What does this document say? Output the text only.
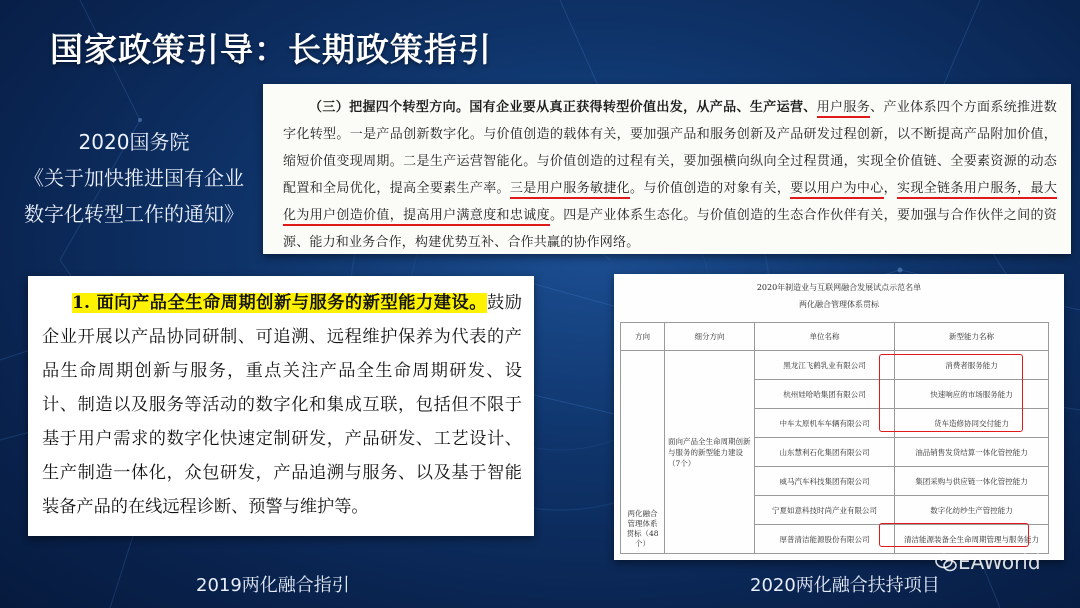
国家政策引导：长期政策指引
2020国务院
《关于加快推进国有企业
数字化转型工作的通知》

（三）把握四个转型方向。国有企业要从真正获得转型价值出发，从产品、生产运营、用户服务、产业体系四个方面系统推进数字化转型。一是产品创新数字化。与价值创造的载体有关，要加强产品和服务创新及产品研发过程创新，以不断提高产品附加价值，缩短价值变现周期。二是生产运营智能化。与价值创造的过程有关，要加强横向纵向全过程贯通，实现全价值链、全要素资源的动态配置和全局优化，提高全要素生产率。三是用户服务敏捷化。与价值创造的对象有关，要以用户为中心，实现全链条用户服务，最大化为用户创造价值，提高用户满意度和忠诚度。四是产业体系生态化。与价值创造的生态合作伙伴有关，要加强与合作伙伴之间的资源、能力和业务合作，构建优势互补、合作共赢的协作网络。

1. 面向产品全生命周期创新与服务的新型能力建设。鼓励企业开展以产品协同研制、可追溯、远程维护保养为代表的产品生命周期创新与服务，重点关注产品全生命周期研发、设计、制造以及服务等活动的数字化和集成互联，包括但不限于基于用户需求的数字化快速定制研发，产品研发、工艺设计、生产制造一体化，众包研发，产品追溯与服务、以及基于智能装备产品的在线远程诊断、预警与维护等。

2019两化融合指引
2020年制造业与互联网融合发展试点示范名单
两化融合管理体系贯标
方向	细分方向	单位名称	新型能力名称
两化融合管理体系贯标（48个）	面向产品全生命周期创新与服务的新型能力建设（7个）	黑龙江飞鹤乳业有限公司	消费者服务能力
		杭州娃哈哈集团有限公司	快速响应的市场服务能力
		中车太原机车车辆有限公司	货车造修协同交付能力
		山东慧利石化集团有限公司	油品销售发货结算一体化管控能力
		威马汽车科技集团有限公司	集团采购与供应链一体化管控能力
		宁夏如意科技时尚产业有限公司	数字化纺纱生产管控能力
		厚普清洁能源股份有限公司	清洁能源装备全生命周期管理与服务能力
2020两化融合扶持项目
EAWorld
